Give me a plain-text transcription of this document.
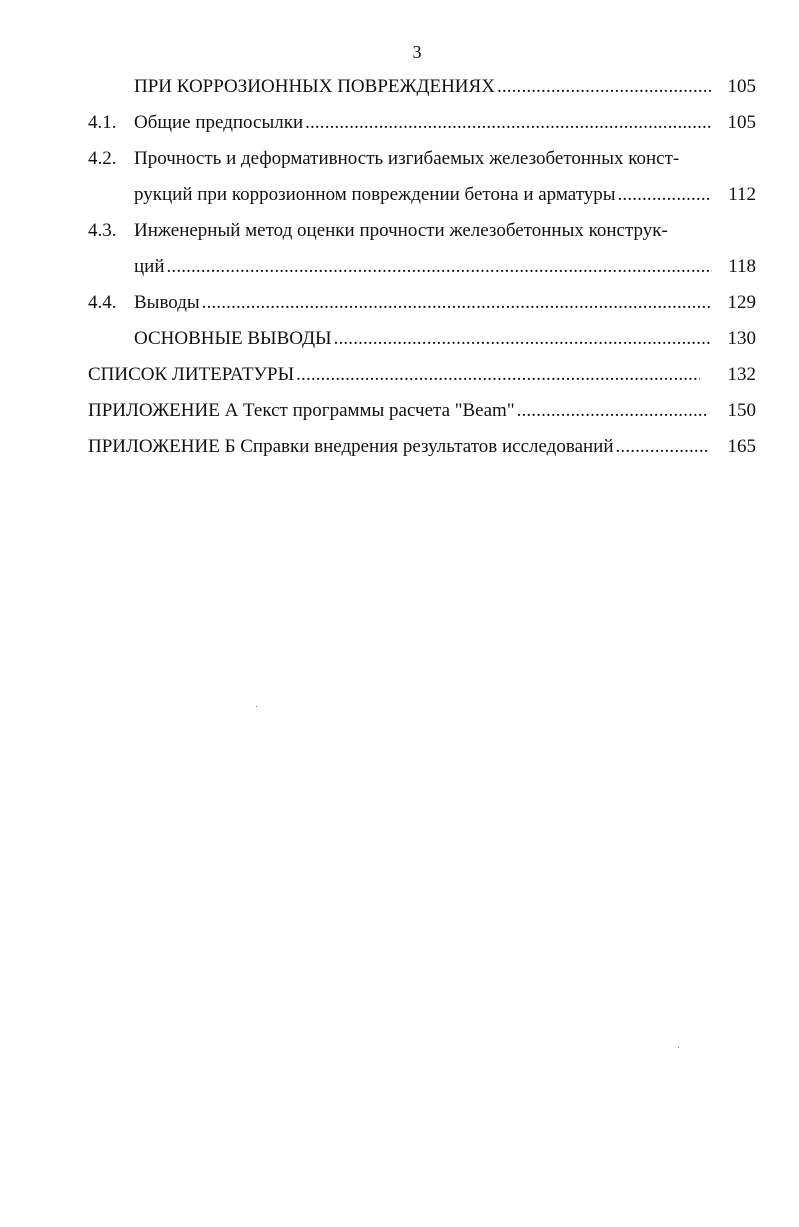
3
ПРИ КОРРОЗИОННЫХ ПОВРЕЖДЕНИЯХ . . .	105
4.1. Общие предпосылки . . .	105
4.2. Прочность и деформативность изгибаемых железобетонных конст-
рукций при коррозионном повреждении бетона и арматуры . . .	112
4.3. Инженерный метод оценки прочности железобетонных конструк-
ций . . .	118
4.4. Выводы . . .	129
ОСНОВНЫЕ ВЫВОДЫ . . .	130
СПИСОК ЛИТЕРАТУРЫ . . .	132
ПРИЛОЖЕНИЕ А Текст программы расчета "Beam" . . .	150
ПРИЛОЖЕНИЕ Б Справки внедрения результатов исследований . . .	165
